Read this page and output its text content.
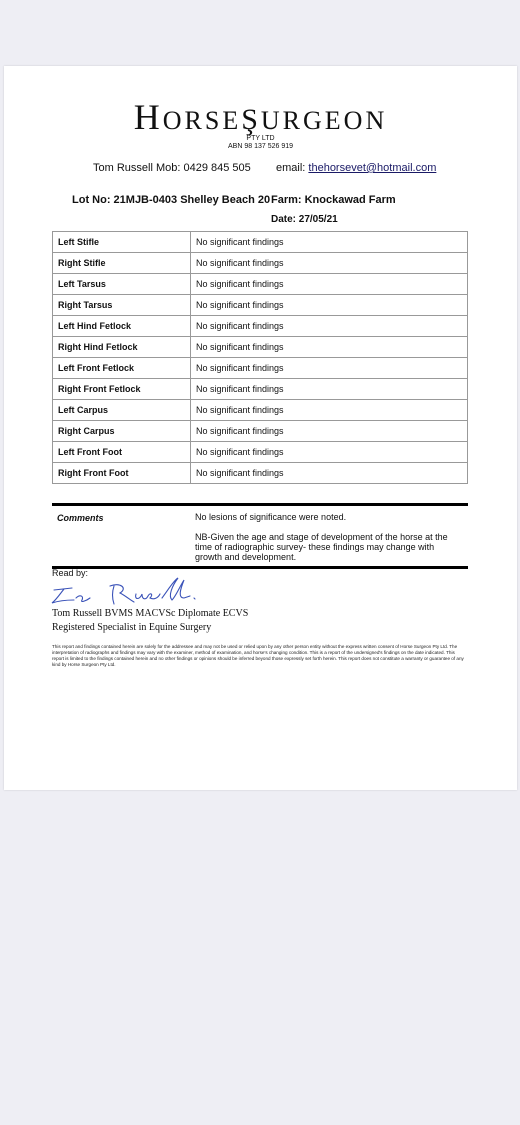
HORSEŞURGEON
PTY LTD
ABN 98 137 526 919
Tom Russell Mob: 0429 845 505 email: thehorsevet@hotmail.com
Lot No: 21MJB-0403 Shelley Beach 20 Farm: Knockawad Farm
Date: 27/05/21
Left Stifle	No significant findings
Right Stifle	No significant findings
Left Tarsus	No significant findings
Right Tarsus	No significant findings
Left Hind Fetlock	No significant findings
Right Hind Fetlock	No significant findings
Left Front Fetlock	No significant findings
Right Front Fetlock	No significant findings
Left Carpus	No significant findings
Right Carpus	No significant findings
Left Front Foot	No significant findings
Right Front Foot	No significant findings
Comments	No lesions of significance were noted.
NB-Given the age and stage of development of the horse at the time of radiographic survey- these findings may change with growth and development.
Read by:
Tom Russell BVMS MACVSc Diplomate ECVS
Registered Specialist in Equine Surgery
This report and findings contained herein are solely for the addressee and may not be used or relied upon by any other person entity without the express written consent of Horse Surgeon Pty Ltd. The interpretation of radiographs and findings may vary with the examiner, method of examination, and horse's changing condition. This is a report of the undersigned's findings on the date indicated. This report is limited to the findings contained herein and no other findings or opinions should be inferred beyond those expressly set forth herein. This report does not constitute a warranty or guarantee of any kind by Horse Surgeon Pty Ltd.
